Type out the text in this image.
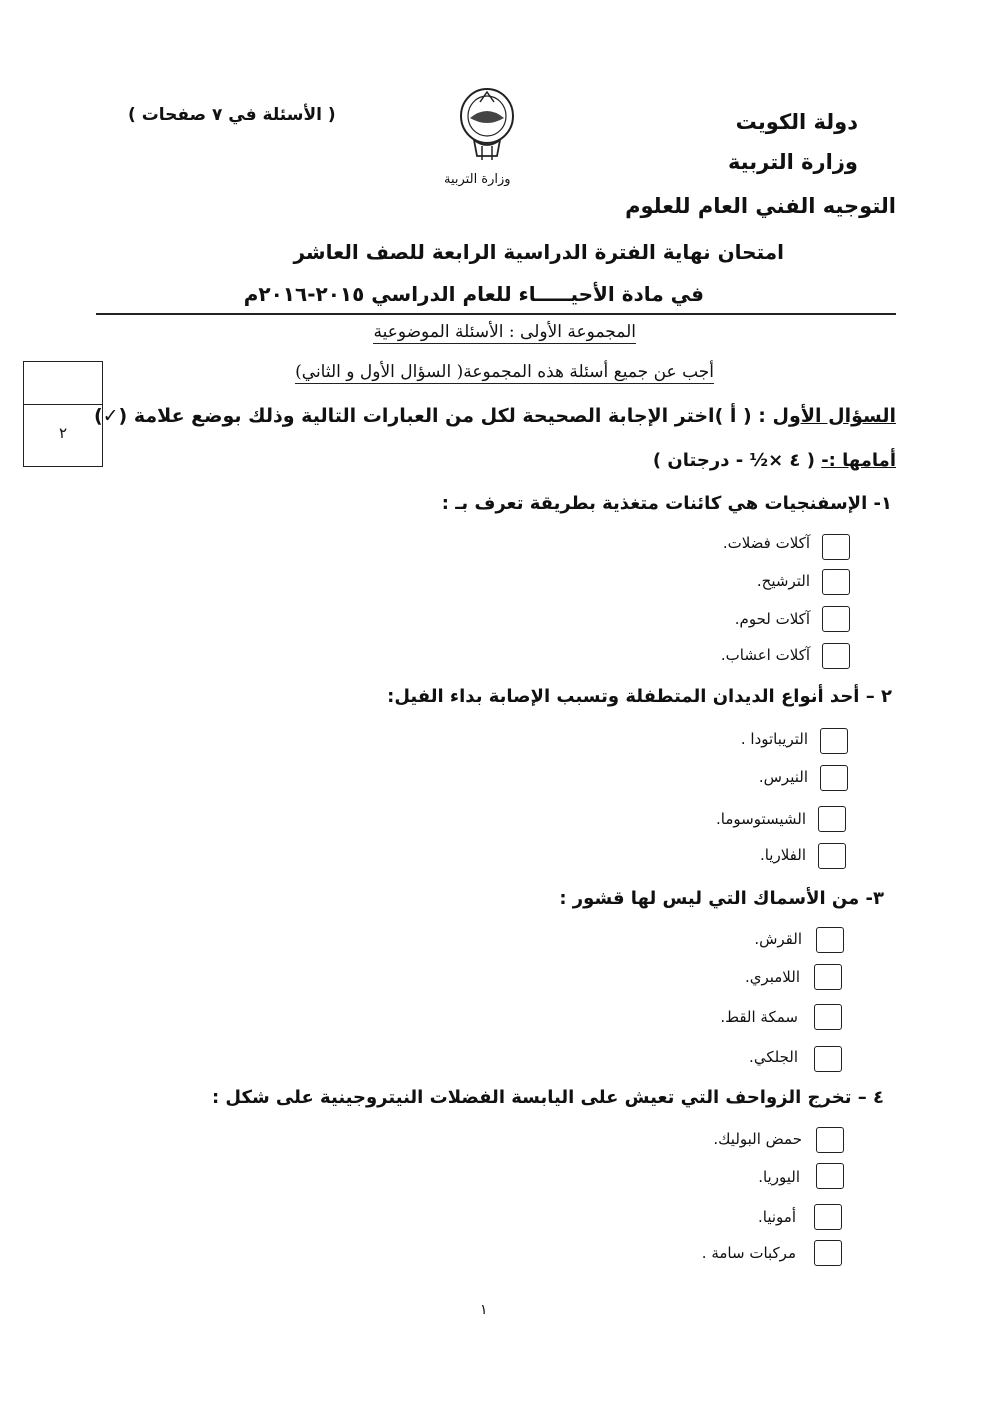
دولة الكويت
وزارة التربية
التوجيه الفني العام للعلوم
( الأسئلة في ٧ صفحات )
وزارة التربية
امتحان نهاية الفترة الدراسية الرابعة للصف العاشر
في مادة الأحيـــــاء للعام الدراسي ٢٠١٥-٢٠١٦م
المجموعة الأولى : الأسئلة الموضوعية
أجب عن جميع أسئلة هذه المجموعة( السؤال الأول و الثاني)
٢
السؤال الأول : ( أ )اختر الإجابة الصحيحة لكل من العبارات التالية وذلك بوضع علامة (✓)
أمامها :- ( ٤ ×½ - درجتان )
١- الإسفنجيات هي كائنات متغذية بطريقة تعرف بـ :
آكلات فضلات.
الترشيح.
آكلات لحوم.
آكلات اعشاب.
٢ – أحد أنواع الديدان المتطفلة وتسبب الإصابة بداء الفيل:
التريباتودا .
النيرس.
الشيستوسوما.
الفلاريا.
٣- من الأسماك التي ليس لها قشور :
القرش.
اللامبري.
سمكة القط.
الجلكي.
٤ – تخرج الزواحف التي تعيش على اليابسة الفضلات النيتروجينية على شكل :
حمض البوليك.
اليوريا.
أمونيا.
مركبات سامة .
١
